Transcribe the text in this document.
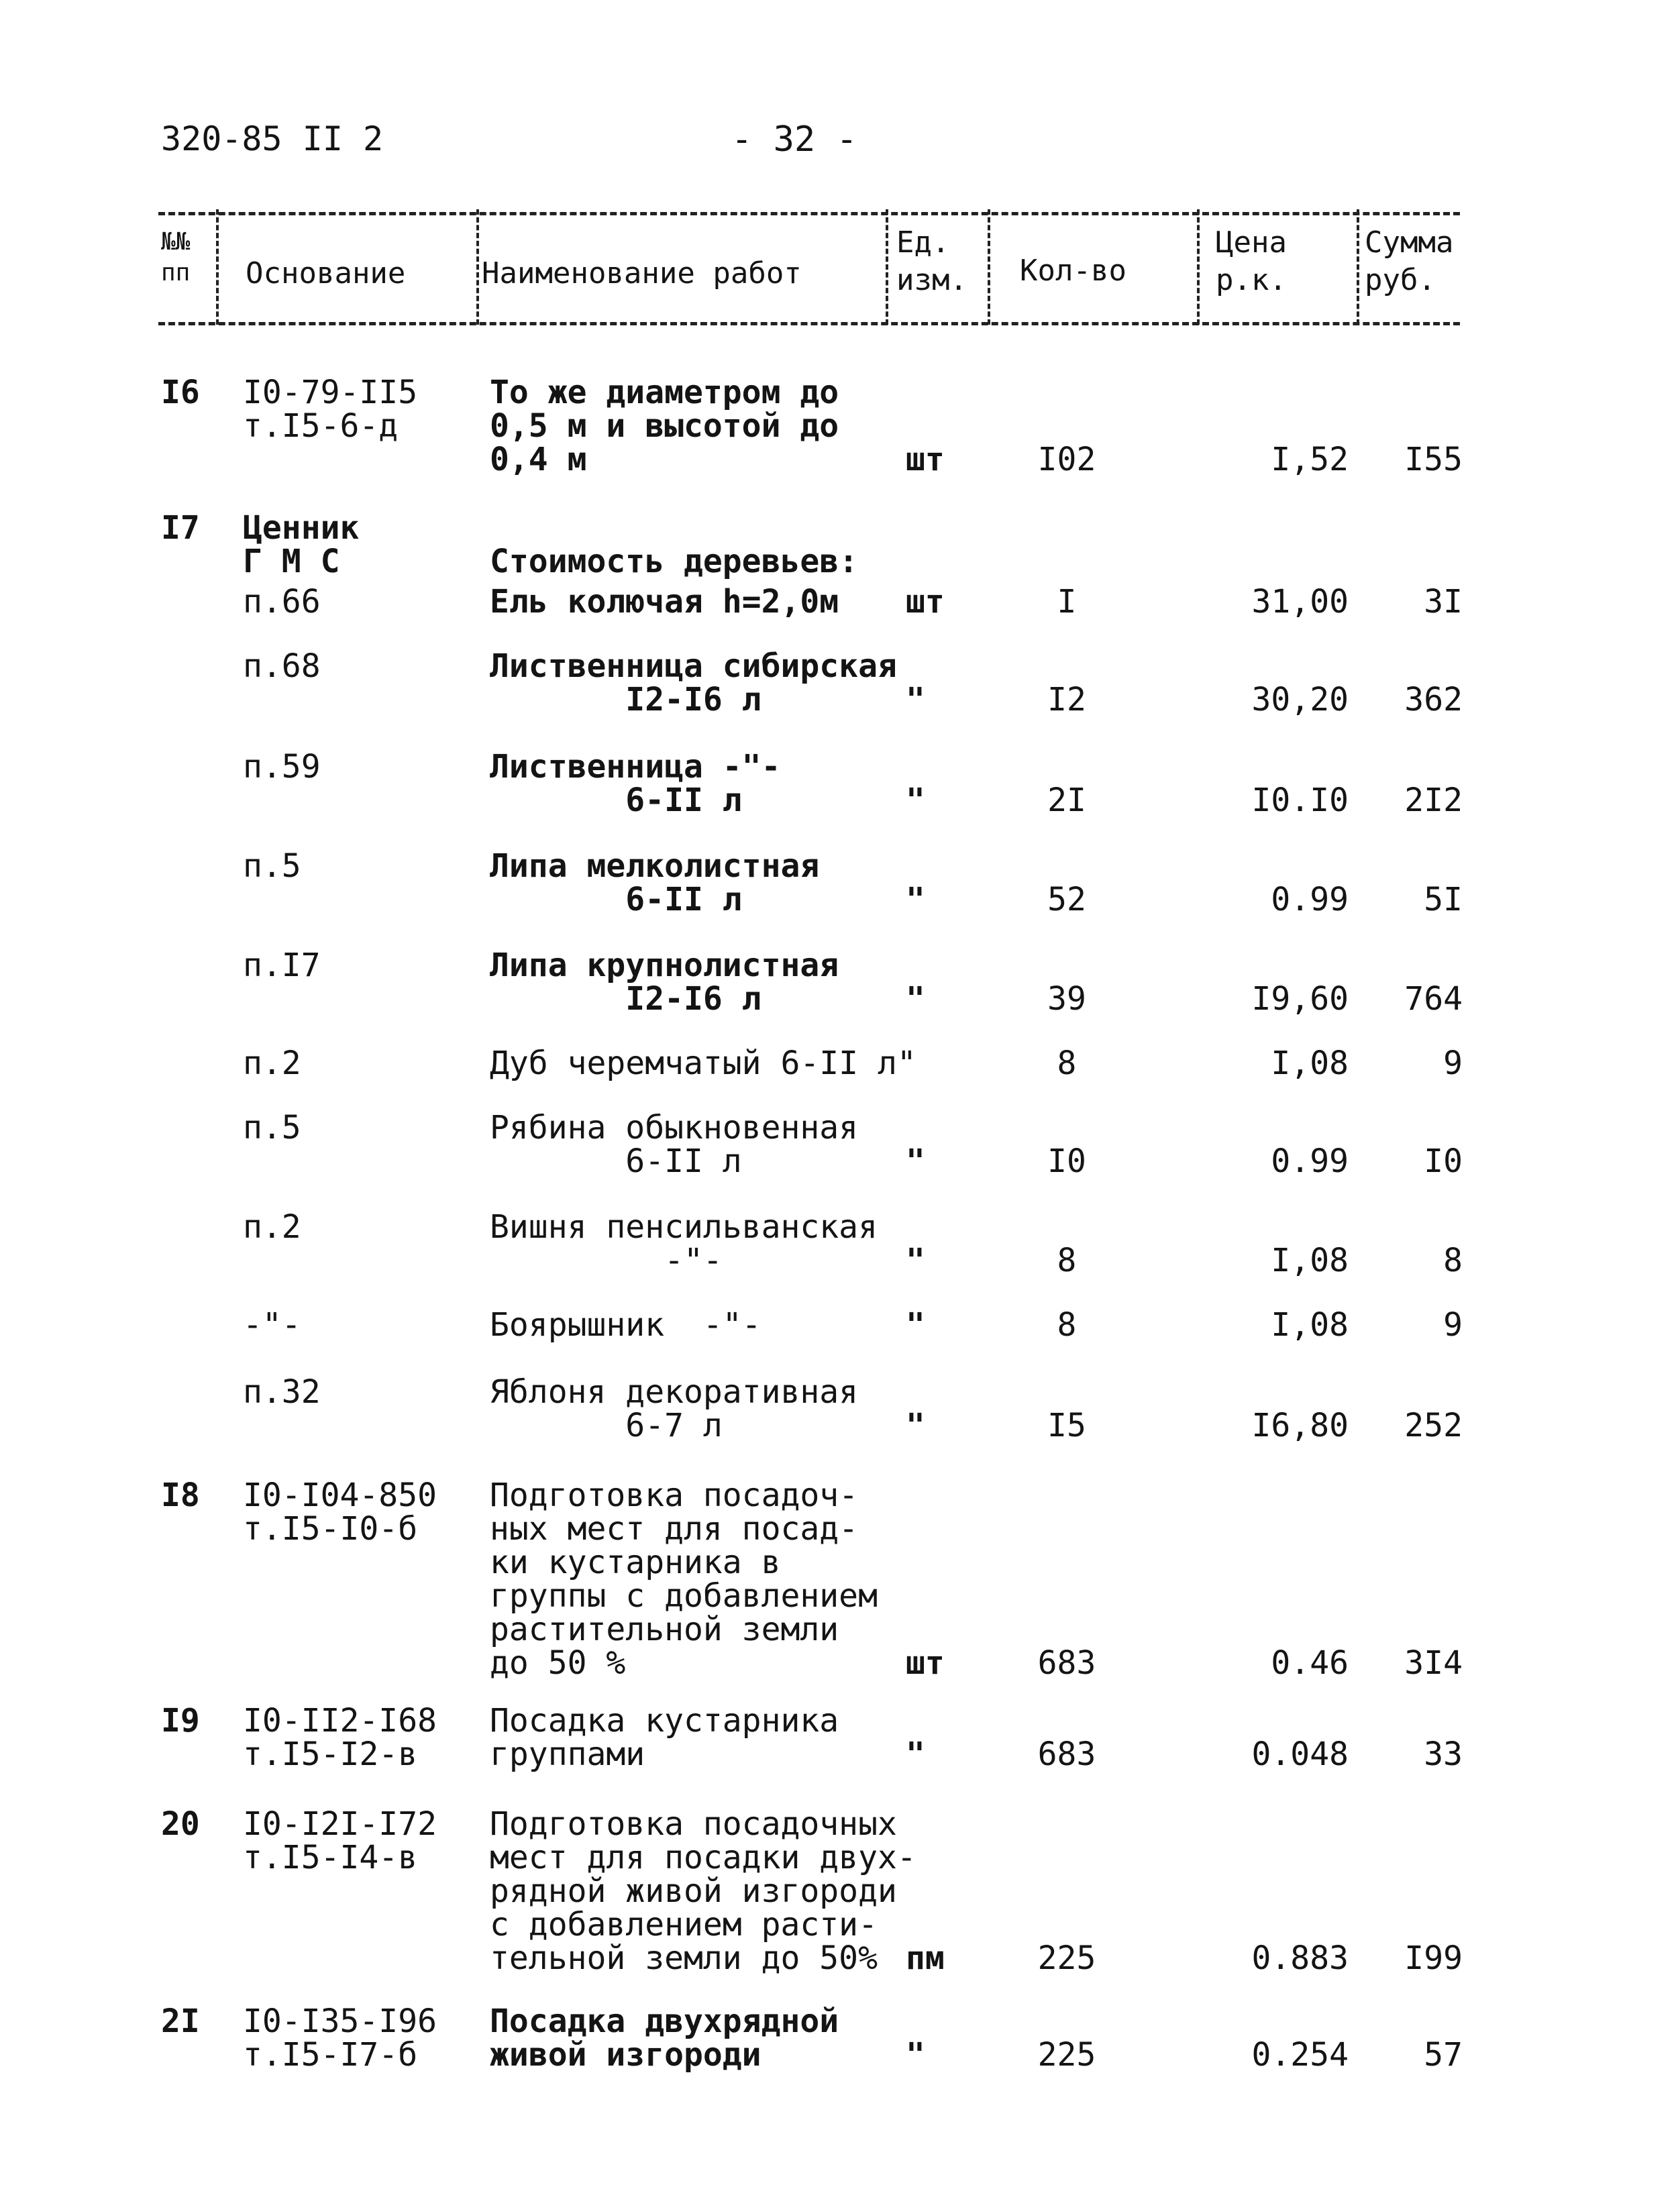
320-85 II 2	- 32 -
№№
пп Основание	Наименование работ
Ед.
изм. Кол-во
Цена
р.к.
Сумма
руб.
I6	I0-79-II5
т.I5-6-д
То же диаметром до
0,5 м и высотой до
0,4 м	шт	I02	I,52	I55
I7	Ценник
Г М С	
Стоимость деревьев:
п.66	Ель колючая h=2,0м	шт	I	31,00	3I
п.68	Лиственница сибирская
I2-I6 л	"	I2	30,20	362
п.59	Лиственница -"-
6-II л	"	2I	I0.I0	2I2
п.5	Липа мелколистная
6-II л	"	52	0.99	5I
п.I7	Липа крупнолистная
I2-I6 л	"	39	I9,60	764
п.2	Дуб черемчатый 6-II л"	8	I,08	9
п.5	Рябина обыкновенная
6-II л	"	I0	0.99	I0
п.2	Вишня пенсильванская
-"-	"	8	I,08	8
-"-	Боярышник  -"-	"	8	I,08	9
п.32	Яблоня декоративная
6-7 л	"	I5	I6,80	252
I8	I0-I04-850
т.I5-I0-б
Подготовка посадоч-
ных мест для посад-
ки кустарника в
группы с добавлением
растительной земли
до 50 %	шт	683	0.46	3I4
I9	I0-II2-I68
т.I5-I2-в
Посадка кустарника
группами	"	683	0.048	33
20	I0-I2I-I72
т.I5-I4-в
Подготовка посадочных
мест для посадки двух-
рядной живой изгороди
с добавлением расти-
тельной земли до 50% пм	225	0.883	I99
2I	I0-I35-I96
т.I5-I7-б
Посадка двухрядной
живой изгороди	"	225	0.254	57
